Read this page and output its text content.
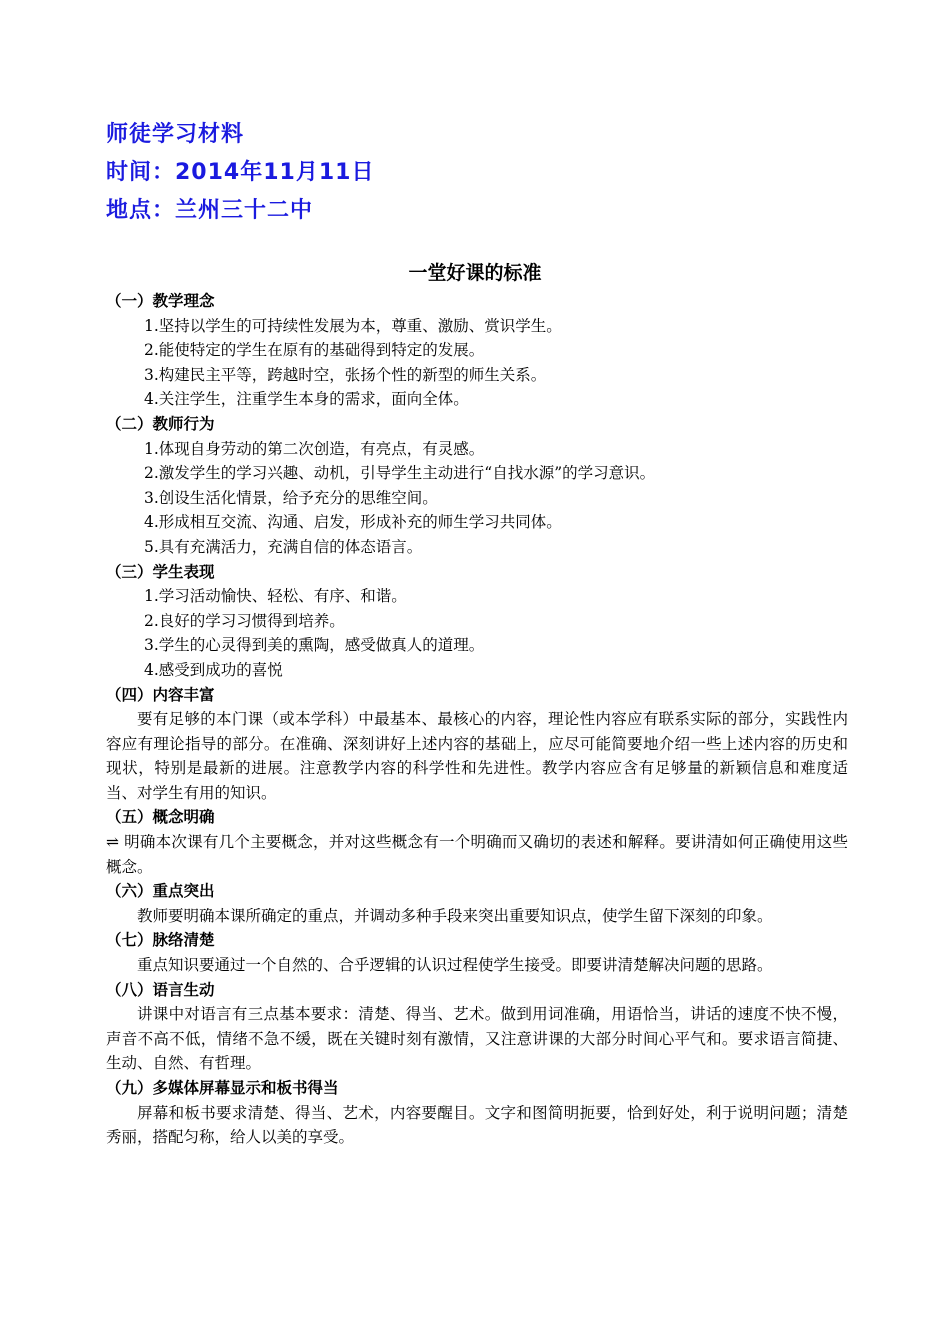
师徒学习材料
时间：2014年11月11日
地点：兰州三十二中
一堂好课的标准
（一）教学理念
1.坚持以学生的可持续性发展为本，尊重、激励、赏识学生。
2.能使特定的学生在原有的基础得到特定的发展。
3.构建民主平等，跨越时空，张扬个性的新型的师生关系。
4.关注学生，注重学生本身的需求，面向全体。
（二）教师行为
1.体现自身劳动的第二次创造，有亮点，有灵感。
2.激发学生的学习兴趣、动机，引导学生主动进行“自找水源”的学习意识。
3.创设生活化情景，给予充分的思维空间。
4.形成相互交流、沟通、启发，形成补充的师生学习共同体。
5.具有充满活力，充满自信的体态语言。
（三）学生表现
1.学习活动愉快、轻松、有序、和谐。
2.良好的学习习惯得到培养。
3.学生的心灵得到美的熏陶，感受做真人的道理。
4.感受到成功的喜悦
（四）内容丰富
要有足够的本门课（或本学科）中最基本、最核心的内容，理论性内容应有联系实际的部分，实践性内容应有理论指导的部分。在准确、深刻讲好上述内容的基础上，应尽可能简要地介绍一些上述内容的历史和现状，特别是最新的进展。注意教学内容的科学性和先进性。教学内容应含有足够量的新颖信息和难度适当、对学生有用的知识。
（五）概念明确
⇌ 明确本次课有几个主要概念，并对这些概念有一个明确而又确切的表述和解释。要讲清如何正确使用这些概念。
（六）重点突出
教师要明确本课所确定的重点，并调动多种手段来突出重要知识点，使学生留下深刻的印象。
（七）脉络清楚
重点知识要通过一个自然的、合乎逻辑的认识过程使学生接受。即要讲清楚解决问题的思路。
（八）语言生动
讲课中对语言有三点基本要求：清楚、得当、艺术。做到用词准确，用语恰当，讲话的速度不快不慢，声音不高不低，情绪不急不缓，既在关键时刻有激情，又注意讲课的大部分时间心平气和。要求语言简捷、生动、自然、有哲理。
（九）多媒体屏幕显示和板书得当
屏幕和板书要求清楚、得当、艺术，内容要醒目。文字和图简明扼要，恰到好处，利于说明问题；清楚秀丽，搭配匀称，给人以美的享受。
